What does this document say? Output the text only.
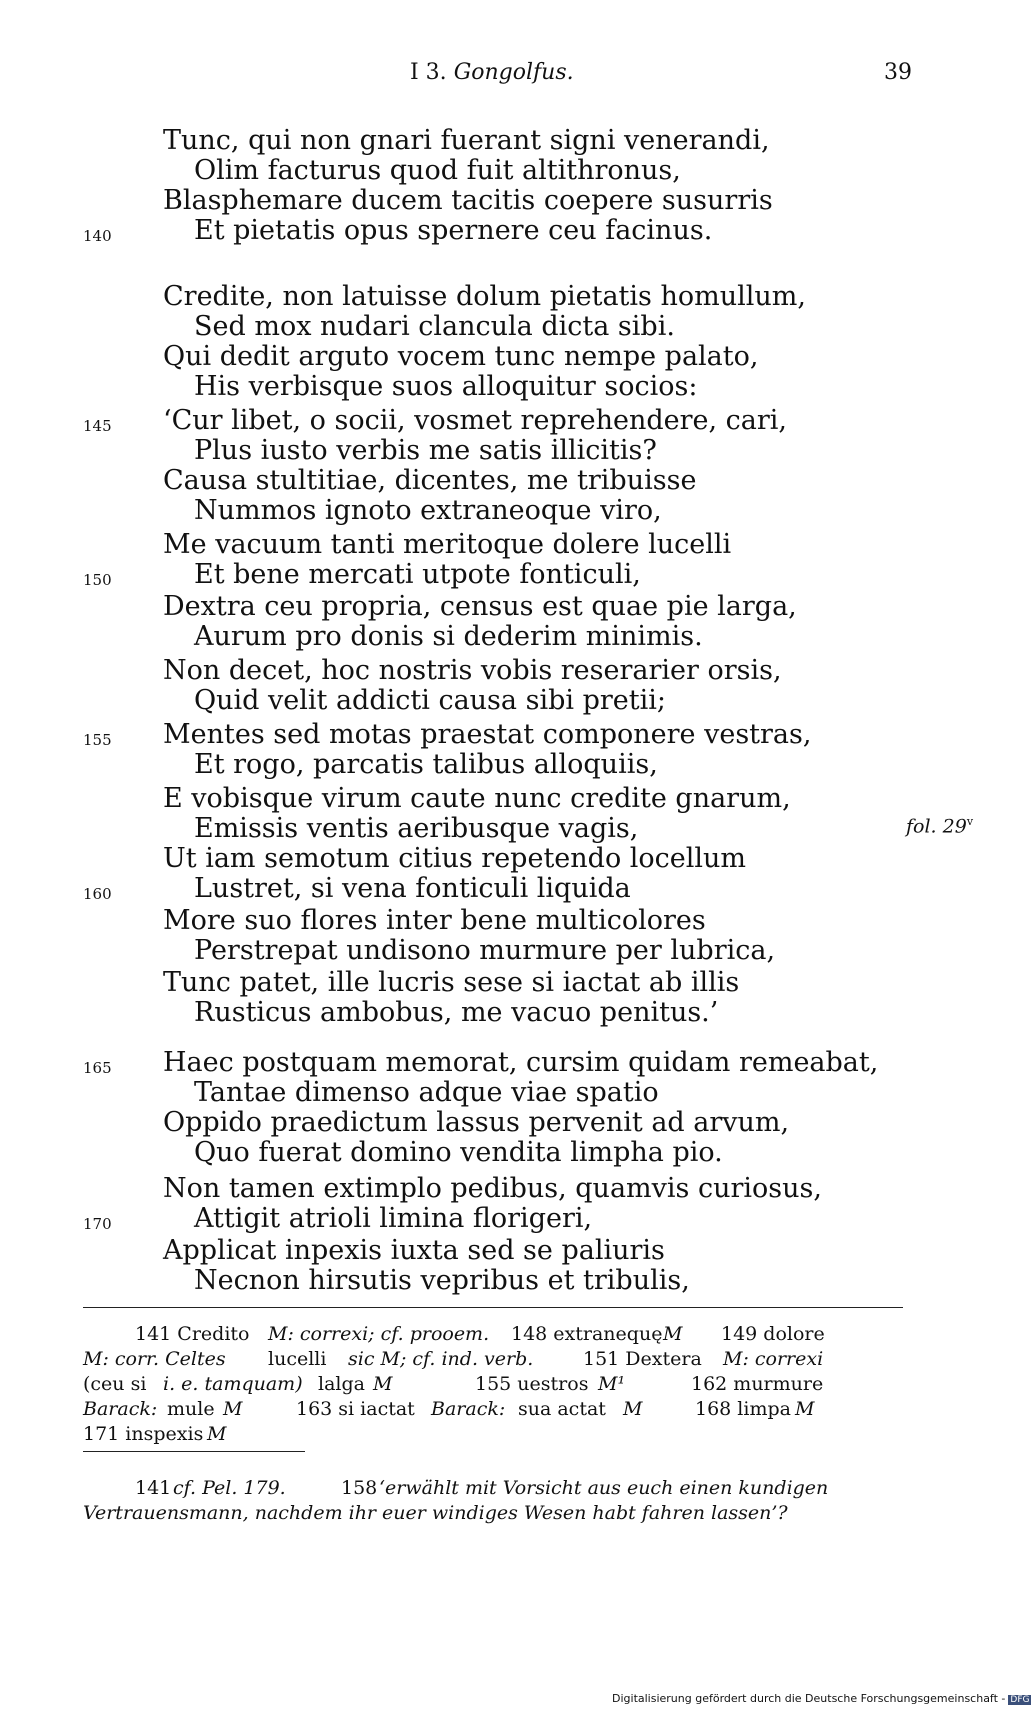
I 3. Gongolfus.	39
Tunc, qui non gnari fuerant signi venerandi,
Olim facturus quod fuit altithronus,
Blasphemare ducem tacitis coepere susurris
140	Et pietatis opus spernere ceu facinus.
Credite, non latuisse dolum pietatis homullum,
Sed mox nudari clancula dicta sibi.
Qui dedit arguto vocem tunc nempe palato,
His verbisque suos alloquitur socios:
145 ‘Cur libet, o socii, vosmet reprehendere, cari,
Plus iusto verbis me satis illicitis?
Causa stultitiae, dicentes, me tribuisse
Nummos ignoto extraneoque viro,
Me vacuum tanti meritoque dolere lucelli
150	Et bene mercati utpote fonticuli,
Dextra ceu propria, census est quae pie larga,
Aurum pro donis si dederim minimis.
Non decet, hoc nostris vobis reserarier orsis,
Quid velit addicti causa sibi pretii;
155 Mentes sed motas praestat componere vestras,
Et rogo, parcatis talibus alloquiis,
E vobisque virum caute nunc credite gnarum,
Emissis ventis aeribusque vagis,
Ut iam semotum citius repetendo locellum
160	Lustret, si vena fonticuli liquida
More suo flores inter bene multicolores
Perstrepat undisono murmure per lubrica,
Tunc patet, ille lucris sese si iactat ab illis
Rusticus ambobus, me vacuo penitus.’
165 Haec postquam memorat, cursim quidam remeabat,
Tantae dimenso adque viae spatio
Oppido praedictum lassus pervenit ad arvum,
Quo fuerat domino vendita limpha pio.
Non tamen extimplo pedibus, quamvis curiosus,
170	Attigit atrioli limina florigeri,
Applicat inpexis iuxta sed se paliuris
Necnon hirsutis vepribus et tribulis,
fol. 29$^v$
141 Credito M: correxi; cf. prooem. 148 extranequę M 149 dolore
M: corr. Celtes lucelli sic M; cf. ind. verb.	151 Dextera M: correxi
(ceu si i. e. tamquam) lalga M	155 uestros M¹	162 murmure
Barack: mule M	163 si iactat Barack: sua actat M	168 limpa M
171 inspexis M
141 cf. Pel. 179.	158 ‘erwählt mit Vorsicht aus euch einen kundigen
Vertrauensmann, nachdem ihr euer windiges Wesen habt fahren lassen’?
Digitalisierung gefördert durch die Deutsche Forschungsgemeinschaft - DFG
